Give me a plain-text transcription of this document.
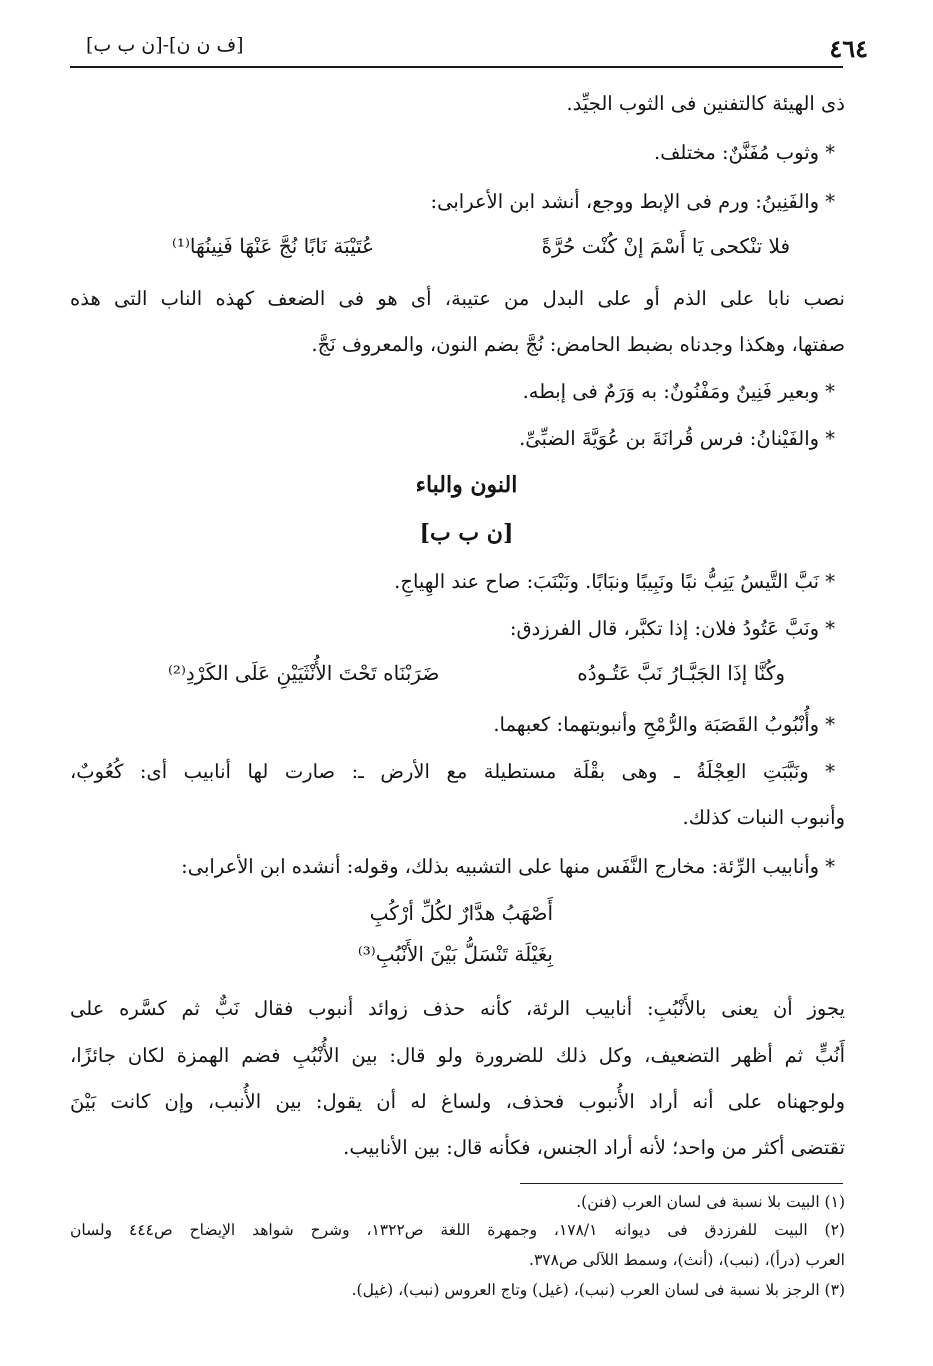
٤٦٤
[ف ن ن]-[ن ب ب]
ذى الهيئة كالتفنين فى الثوب الجيِّد.
* وثوب مُفَنَّنٌ: مختلف.
* والفَنِينُ: ورم فى الإبط ووجع، أنشد ابن الأعرابى:
فلا تنْكحى يَا أَسْمَ إنْ كُنْت حُرَّةً
عُتَيْبَة نَابًا نُجَّ عَنْهَا فَنِينُهَا⁽¹⁾
نصب نابا على الذم أو على البدل من عتيبة، أى هو فى الضعف كهذه الناب التى هذه
صفتها، وهكذا وجدناه بضبط الحامض: نُجَّ بضم النون، والمعروف نَجَّ.
* وبعير فَنِينٌ ومَفْنُونٌ: به وَرَمٌ فى إبطه.
* والفَيْنانُ: فرس قُرانَةَ بن عُوَيَّةَ الضبِّىِّ.
النون والباء
[ن ب ب]
* نَبَّ التَّيسُ يَنِبُّ نبًا ونَبِيبًا ونبَابًا. ونَبْنَبَ: صاح عند الهِياجِ.
* ونَبَّ عَتُودُ فلان: إذا تكبَّر، قال الفرزدق:
وكُنَّا إذَا الجَبَّـارُ نَبَّ عَتُـودُه
ضَرَبْنَاه تَحْتَ الأُنْثَيَيْنِ عَلَى الكَرْدِ⁽²⁾
* وأُنْبُوبُ القَصَبَة والرُّمْحِ وأنبوبتهما: كعبهما.
* ونَبَّبَتِ العِجْلَةُ ـ وهى بقْلَة مستطيلة مع الأرض ـ: صارت لها أنابيب أى: كُعُوبٌ،
وأنبوب النبات كذلك.
* وأنابيب الرِّئة: مخارج النَّفَس منها على التشبيه بذلك، وقوله: أنشده ابن الأعرابى:
أَصْهَبُ هدَّارٌ لكُلِّ أرْكُبِ
بِغَيْلَة تَنْسَلُّ بَيْنَ الأَنْبُبِ⁽³⁾
يجوز أن يعنى بالأَنْبُبِ: أنابيب الرئة، كأنه حذف زوائد أنبوب فقال نَبٌّ ثم كسَّره على
أَنُبٍّ ثم أظهر التضعيف، وكل ذلك للضرورة ولو قال: بين الأُنْبُبِ فضم الهمزة لكان جائزًا،
ولوجهناه على أنه أراد الأُنبوب فحذف، ولساغ له أن يقول: بين الأُنبب، وإن كانت بَيْنَ
تقتضى أكثر من واحد؛ لأنه أراد الجنس، فكأنه قال: بين الأنابيب.
(١) البيت بلا نسبة فى لسان العرب (فنن).
(٢) البيت للفرزدق فى ديوانه ١٧٨/١، وجمهرة اللغة ص١٣٢٢، وشرح شواهد الإيضاح ص٤٤٤ ولسان
العرب (درأ)، (نبب)، (أنث)، وسمط اللآلى ص٣٧٨.
(٣) الرجز بلا نسبة فى لسان العرب (نبب)، (غيل) وتاج العروس (نبب)، (غيل).
